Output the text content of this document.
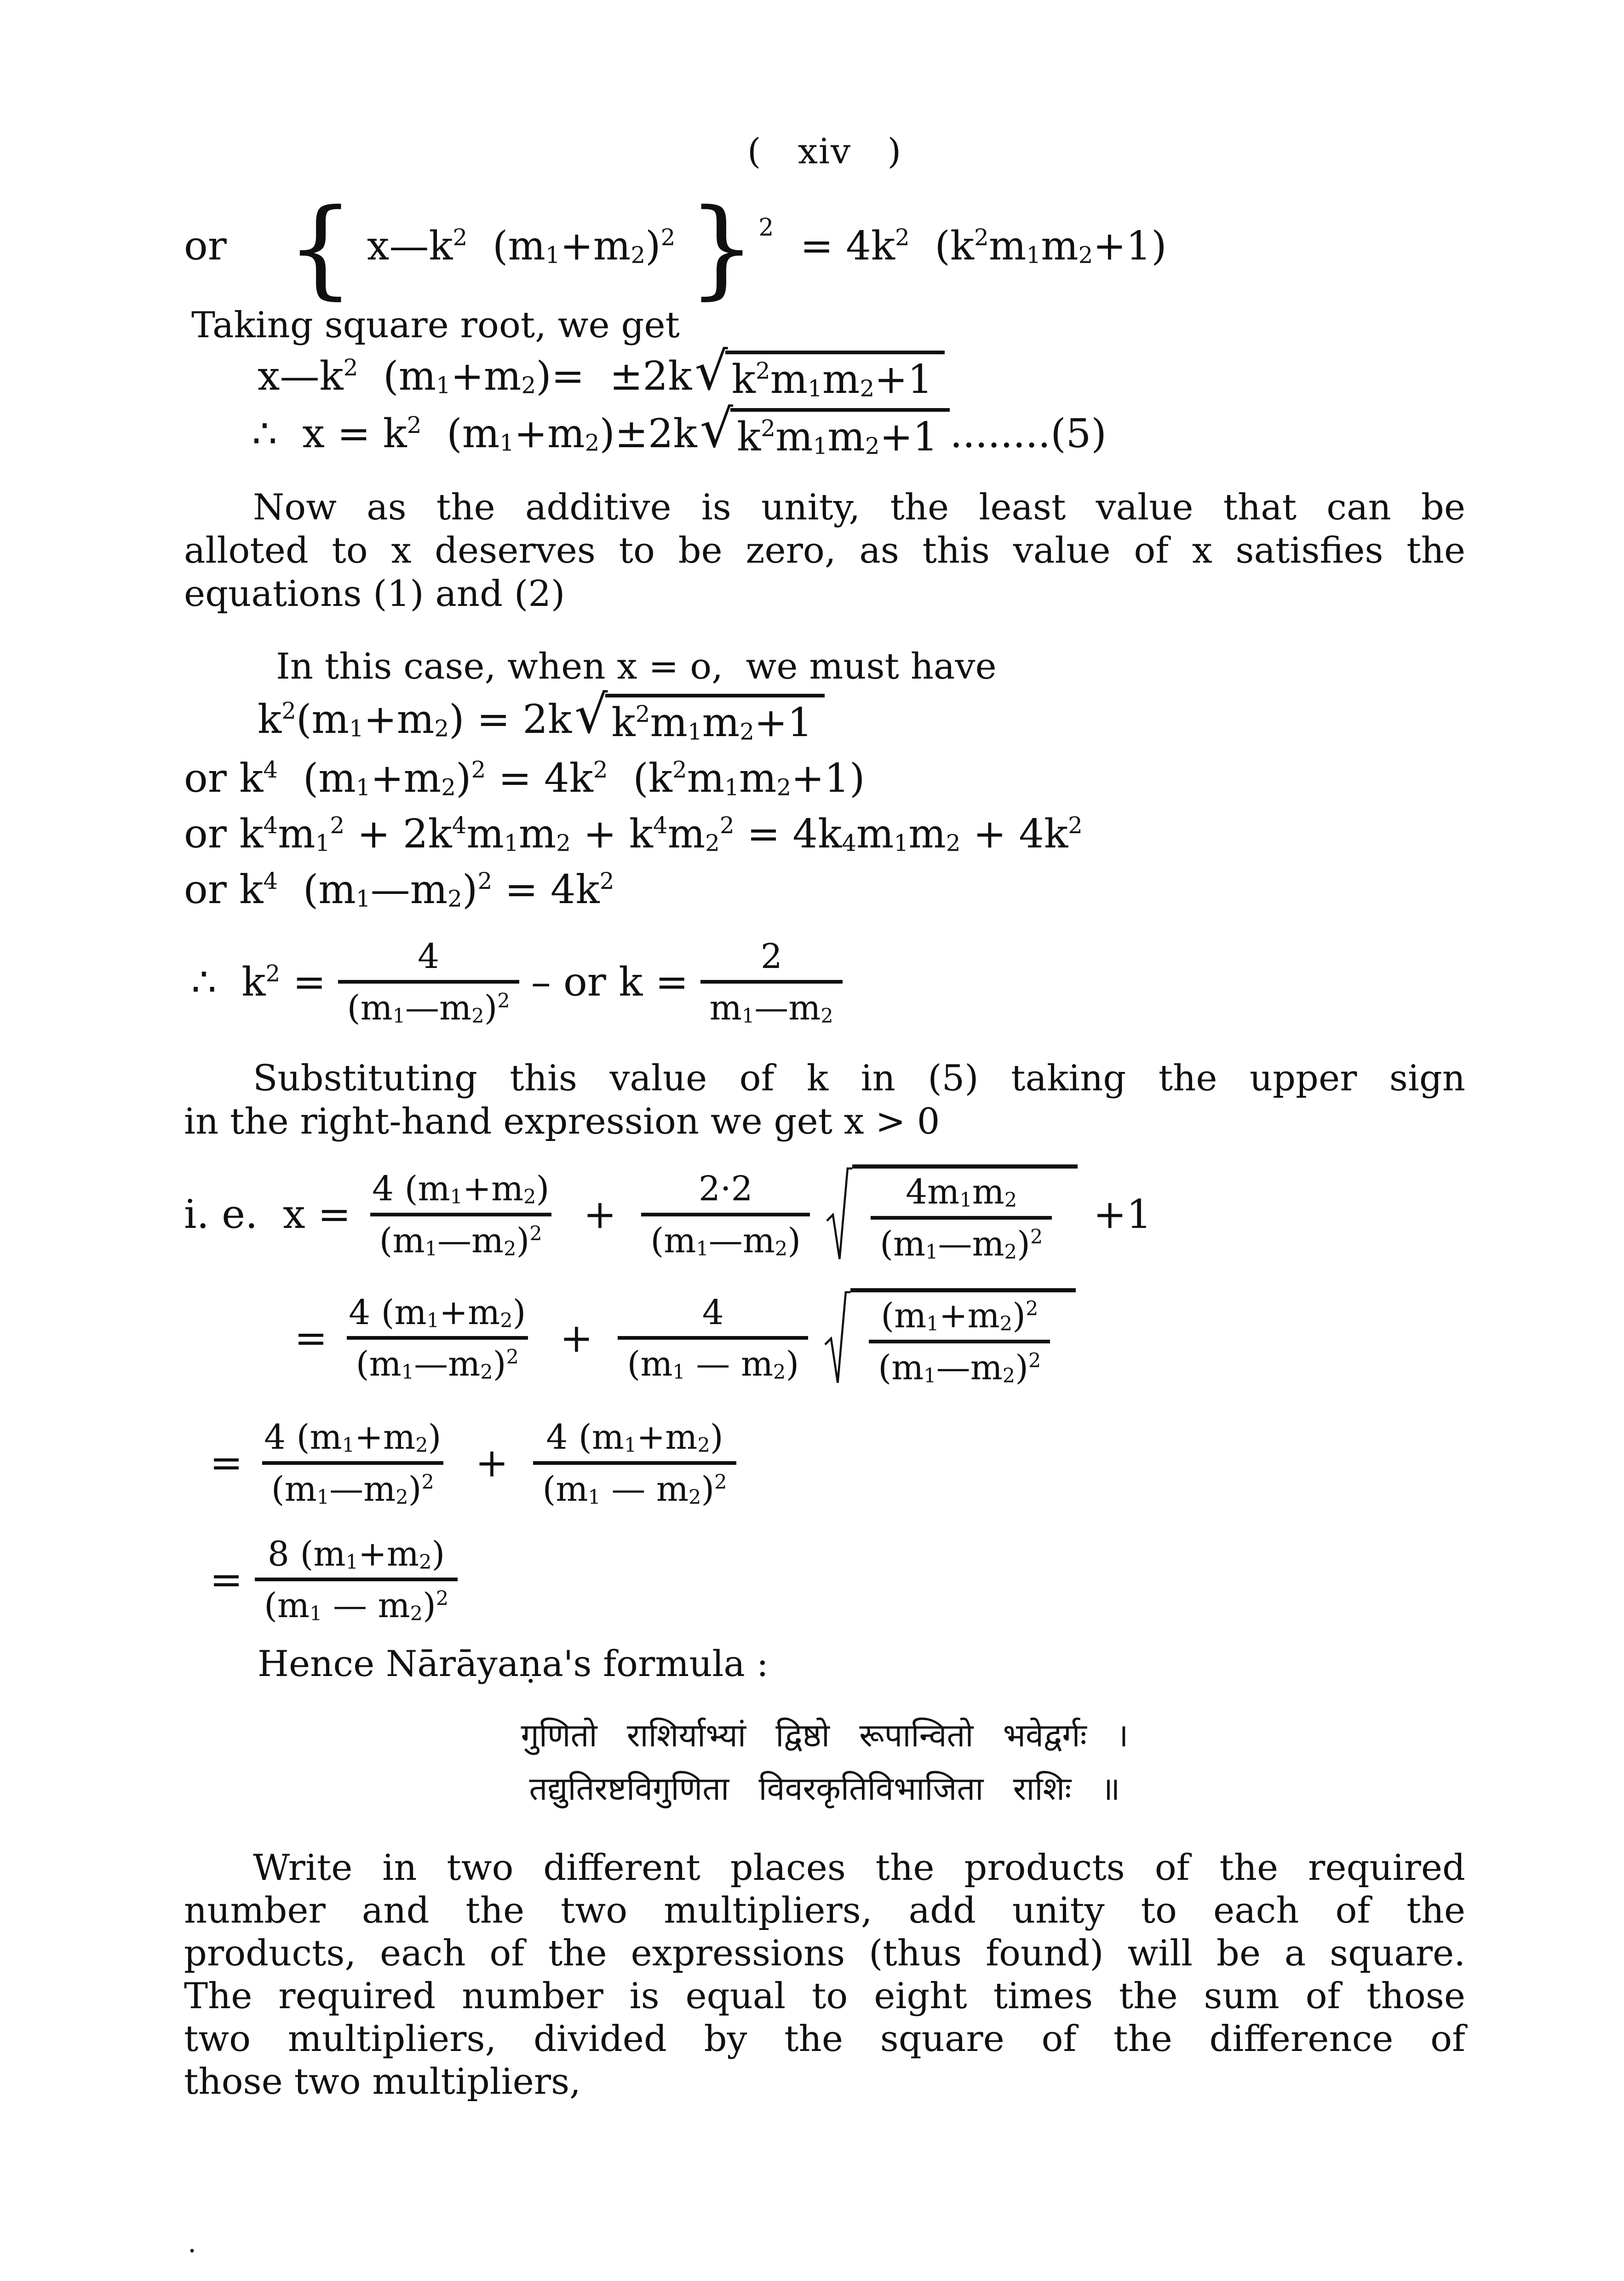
(   xiv   )
or { $x—k^2$  $(m_1+m_2)^2$ } $2 = 4k^2$  $(k^2m_1m_2+1)$
Taking square root, we get
$x—k^2$  $(m_1+m_2)= \pm 2k$ √ $k^2m_1m_2+1$
∴  $x = k^2$  $(m_1+m_2)\pm 2k$ √ $k^2m_1m_2+1$ ........(5)
Now as the additive is unity, the least value that can be
alloted to x deserves to be zero, as this value of x satisfies the
equations (1) and (2)
In this case, when x = o,  we must have
$k^2(m_1+m_2) = 2k$ √ $k^2m_1m_2+1$
or $k^4$  $(m_1+m_2)^2 = 4k^2$  $(k^2m_1m_2+1)$
or $k^4m_1^2 + 2k^4m_1m_2 + k^4m_2^2 = 4k_4m_1m_2 + 4k^2$
or $k^4$  $(m_1—m_2)^2 = 4k^2$
∴  $k^2 = \frac{4}{(m_1—m_2)^2}$ – or $k = \frac{2}{m_1—m_2}$
Substituting this value of k in (5) taking the upper sign
in the right-hand expression we get x > 0
i. e.  $x = \frac{4 (m_1+m_2)}{(m_1—m_2)^2} + \frac{2\cdot 2}{(m_1—m_2)} \frac{4m_1m_2}{(m_1—m_2)^2} +1$
= $\frac{4 (m_1+m_2)}{(m_1—m_2)^2} + \frac{4}{(m_1 — m_2)} \frac{(m_1+m_2)^2}{(m_1—m_2)^2}$
= $\frac{4 (m_1+m_2)}{(m_1—m_2)^2} + \frac{4 (m_1+m_2)}{(m_1 — m_2)^2}$
= $\frac{8 (m_1+m_2)}{(m_1 — m_2)^2}$
Hence Nārāyaṇa's formula :
गुणितो राशिर्याभ्यां द्विष्ठो रूपान्वितो भवेद्वर्गः ।
तद्युतिरष्टविगुणिता विवरकृतिविभाजिता राशिः ॥
Write in two different places the products of the required
number and the two multipliers, add unity to each of the
products, each of the expressions (thus found) will be a square.
The required number is equal to eight times the sum of those
two multipliers, divided by the square of the difference of
those two multipliers,
.
